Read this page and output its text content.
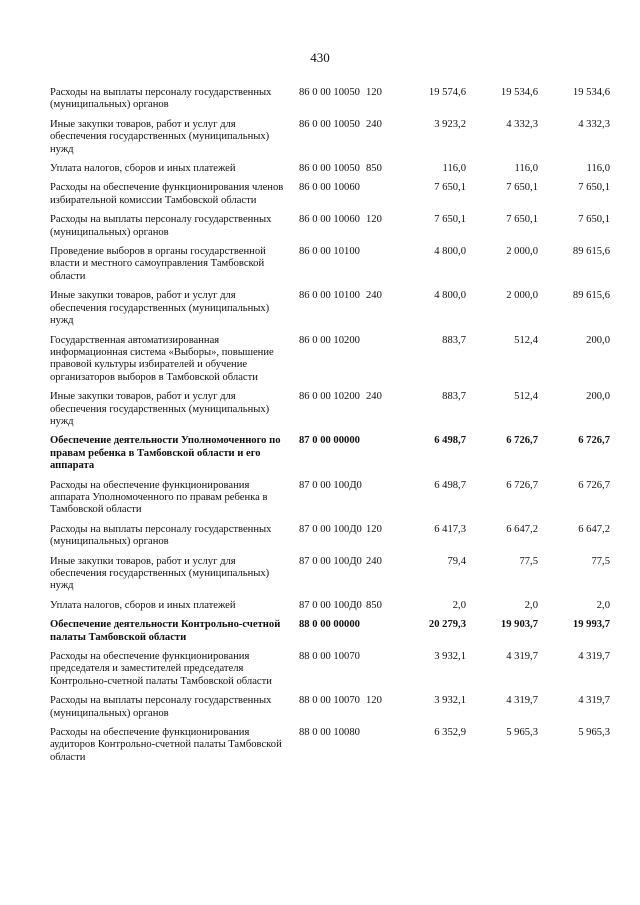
430
Расходы на выплаты персоналу государственных (муниципальных) органов	86 0 00 10050	120	19 574,6	19 534,6	19 534,6
Иные закупки товаров, работ и услуг для обеспечения государственных (муниципальных) нужд	86 0 00 10050	240	3 923,2	4 332,3	4 332,3
Уплата налогов, сборов и иных платежей	86 0 00 10050	850	116,0	116,0	116,0
Расходы на обеспечение функционирования членов избирательной комиссии Тамбовской области	86 0 00 10060		7 650,1	7 650,1	7 650,1
Расходы на выплаты персоналу государственных (муниципальных) органов	86 0 00 10060	120	7 650,1	7 650,1	7 650,1
Проведение выборов в органы государственной власти и местного самоуправления Тамбовской области	86 0 00 10100		4 800,0	2 000,0	89 615,6
Иные закупки товаров, работ и услуг для обеспечения государственных (муниципальных) нужд	86 0 00 10100	240	4 800,0	2 000,0	89 615,6
Государственная автоматизированная информационная система «Выборы», повышение правовой культуры избирателей и обучение организаторов выборов в Тамбовской области	86 0 00 10200		883,7	512,4	200,0
Иные закупки товаров, работ и услуг для обеспечения государственных (муниципальных) нужд	86 0 00 10200	240	883,7	512,4	200,0
Обеспечение деятельности Уполномоченного по правам ребенка в Тамбовской области и его аппарата	87 0 00 00000		6 498,7	6 726,7	6 726,7
Расходы на обеспечение функционирования аппарата Уполномоченного по правам ребенка в Тамбовской области	87 0 00 100Д0		6 498,7	6 726,7	6 726,7
Расходы на выплаты персоналу государственных (муниципальных) органов	87 0 00 100Д0	120	6 417,3	6 647,2	6 647,2
Иные закупки товаров, работ и услуг для обеспечения государственных (муниципальных) нужд	87 0 00 100Д0	240	79,4	77,5	77,5
Уплата налогов, сборов и иных платежей	87 0 00 100Д0	850	2,0	2,0	2,0
Обеспечение деятельности Контрольно-счетной палаты Тамбовской области	88 0 00 00000		20 279,3	19 903,7	19 993,7
Расходы на обеспечение функционирования председателя и заместителей председателя Контрольно-счетной палаты Тамбовской области	88 0 00 10070		3 932,1	4 319,7	4 319,7
Расходы на выплаты персоналу государственных (муниципальных) органов	88 0 00 10070	120	3 932,1	4 319,7	4 319,7
Расходы на обеспечение функционирования аудиторов Контрольно-счетной палаты Тамбовской области	88 0 00 10080		6 352,9	5 965,3	5 965,3
